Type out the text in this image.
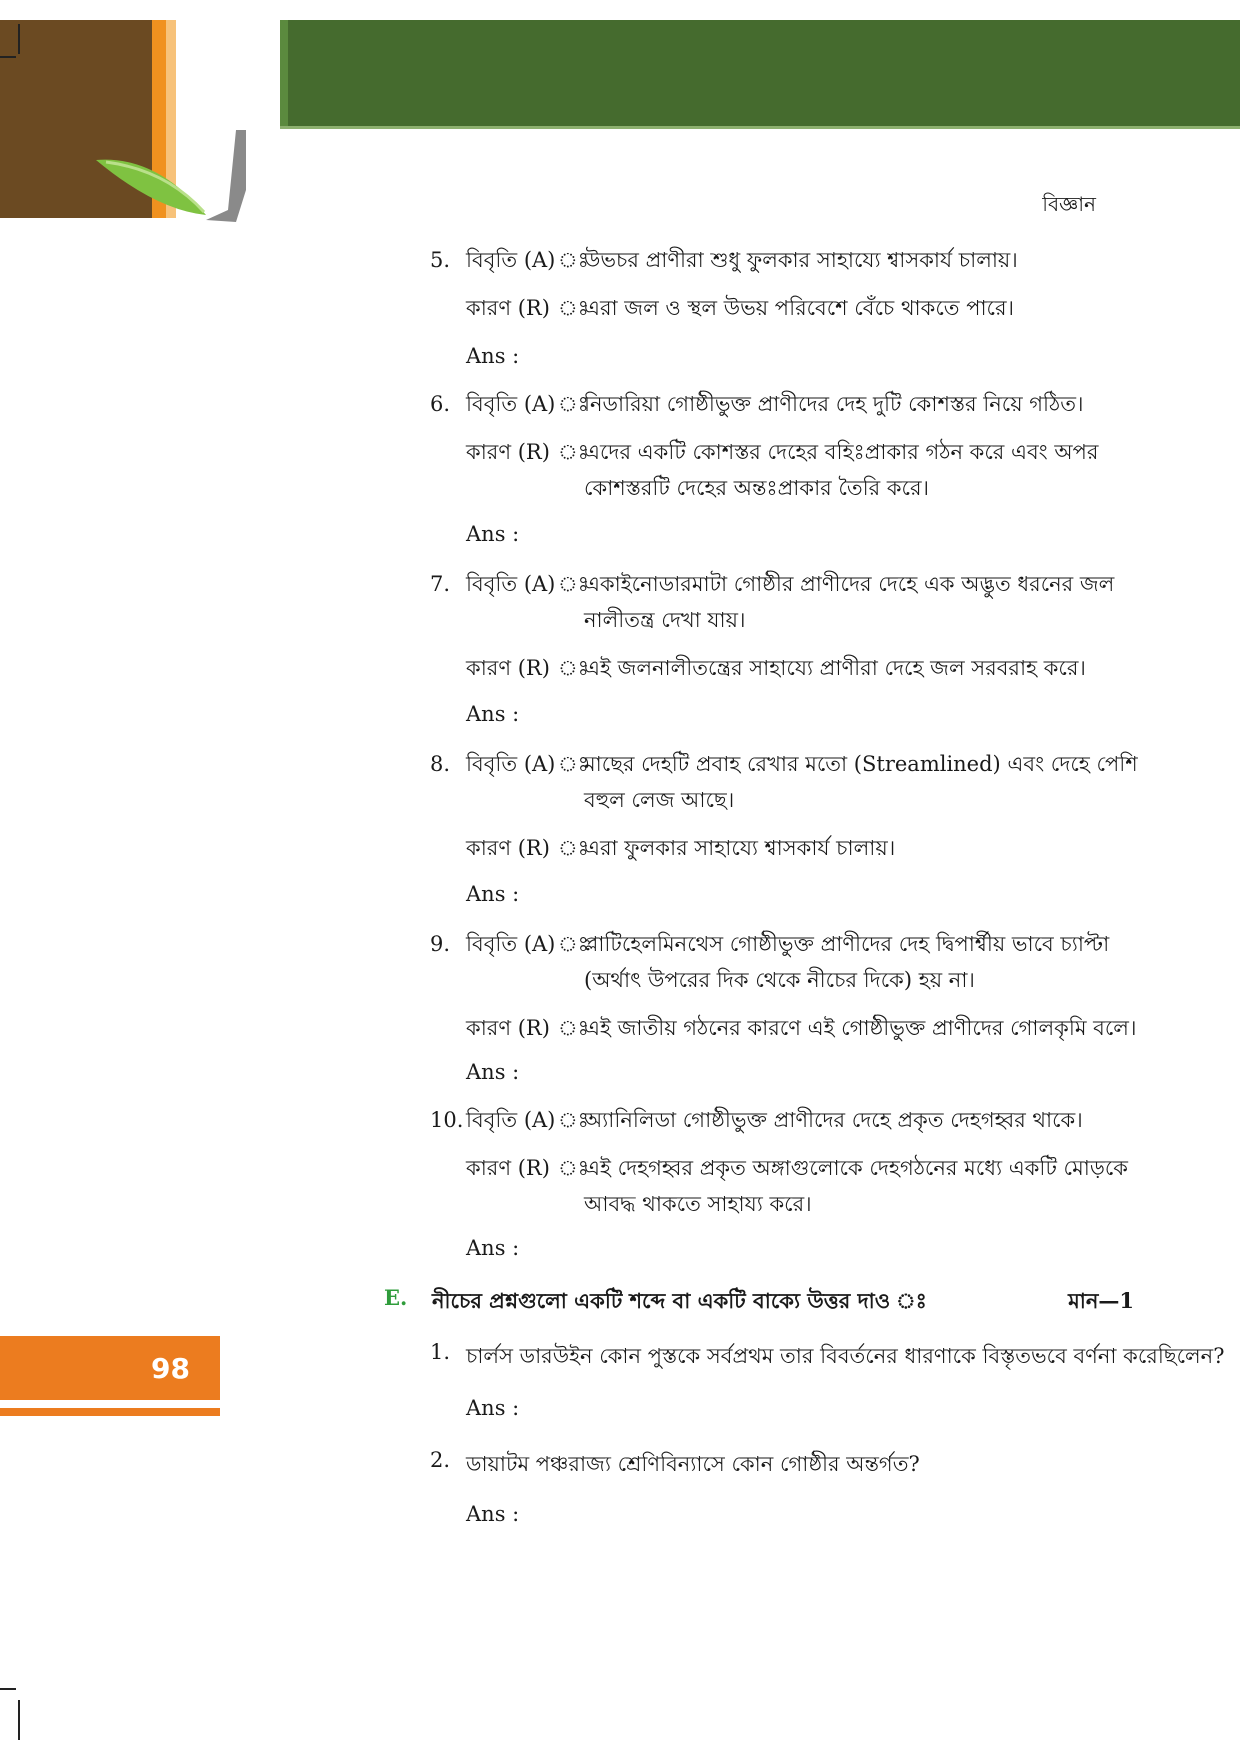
বিজ্ঞান
98
5. বিবৃতি (A) ঃ
উভচর প্রাণীরা শুধু ফুলকার সাহায্যে শ্বাসকার্য চালায়।
কারণ (R) ঃ
এরা জল ও স্থল উভয় পরিবেশে বেঁচে থাকতে পারে।
Ans :
6. বিবৃতি (A) ঃ
নিডারিয়া গোষ্ঠীভুক্ত প্রাণীদের দেহ দুটি কোশস্তর নিয়ে গঠিত।
কারণ (R) ঃ
এদের একটি কোশস্তর দেহের বহিঃপ্রাকার গঠন করে এবং অপর কোশস্তরটি দেহের অন্তঃপ্রাকার তৈরি করে।
Ans :
7. বিবৃতি (A) ঃ
একাইনোডারমাটা গোষ্ঠীর প্রাণীদের দেহে এক অদ্ভুত ধরনের জল নালীতন্ত্র দেখা যায়।
কারণ (R) ঃ
এই জলনালীতন্ত্রের সাহায্যে প্রাণীরা দেহে জল সরবরাহ করে।
Ans :
8. বিবৃতি (A) ঃ
মাছের দেহটি প্রবাহ রেখার মতো (Streamlined) এবং দেহে পেশি বহুল লেজ আছে।
কারণ (R) ঃ
এরা ফুলকার সাহায্যে শ্বাসকার্য চালায়।
Ans :
9. বিবৃতি (A) ঃ
প্লাটিহেলমিনথেস গোষ্ঠীভুক্ত প্রাণীদের দেহ দ্বিপার্শ্বীয় ভাবে চ্যাপ্টা (অর্থাৎ উপরের দিক থেকে নীচের দিকে) হয় না।
কারণ (R) ঃ
এই জাতীয় গঠনের কারণে এই গোষ্ঠীভুক্ত প্রাণীদের গোলকৃমি বলে।
Ans :
10. বিবৃতি (A) ঃ
অ্যানিলিডা গোষ্ঠীভুক্ত প্রাণীদের দেহে প্রকৃত দেহগহ্বর থাকে।
কারণ (R) ঃ
এই দেহগহ্বর প্রকৃত অঙ্গাগুলোকে দেহগঠনের মধ্যে একটি মোড়কে আবদ্ধ থাকতে সাহায্য করে।
Ans :
E. নীচের প্রশ্নগুলো একটি শব্দে বা একটি বাক্যে উত্তর দাও ঃ	মান—1
1. চার্লস ডারউইন কোন পুস্তকে সর্বপ্রথম তার বিবর্তনের ধারণাকে বিস্তৃতভবে বর্ণনা করেছিলেন?
Ans :
2. ডায়াটম পঞ্চরাজ্য শ্রেণিবিন্যাসে কোন গোষ্ঠীর অন্তর্গত?
Ans :
